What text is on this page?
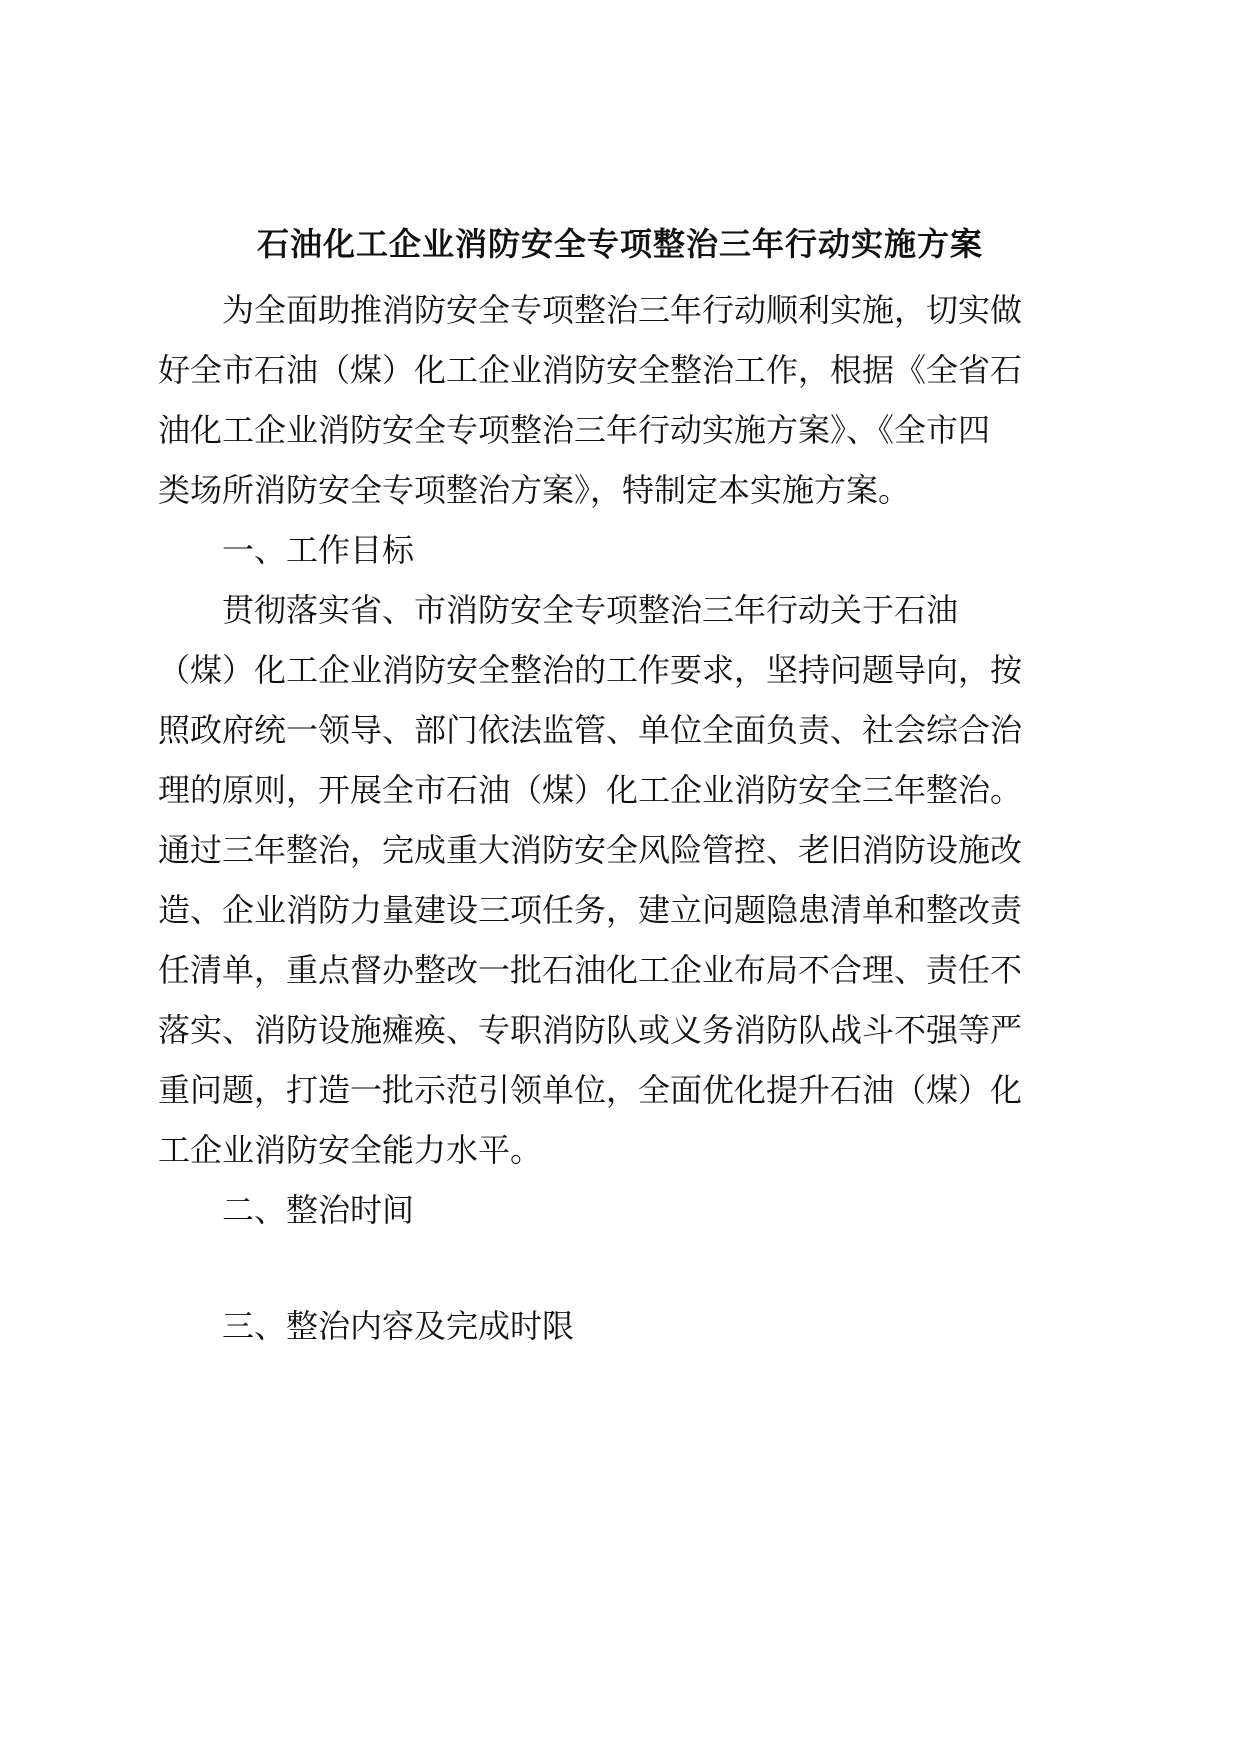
石油化工企业消防安全专项整治三年行动实施方案
为全面助推消防安全专项整治三年行动顺利实施，切实做
好全市石油（煤）化工企业消防安全整治工作，根据《全省石
油化工企业消防安全专项整治三年行动实施方案》、《全市四
类场所消防安全专项整治方案》，特制定本实施方案。
一、工作目标
贯彻落实省、市消防安全专项整治三年行动关于石油
（煤）化工企业消防安全整治的工作要求，坚持问题导向，按
照政府统一领导、部门依法监管、单位全面负责、社会综合治
理的原则，开展全市石油（煤）化工企业消防安全三年整治。
通过三年整治，完成重大消防安全风险管控、老旧消防设施改
造、企业消防力量建设三项任务，建立问题隐患清单和整改责
任清单，重点督办整改一批石油化工企业布局不合理、责任不
落实、消防设施瘫痪、专职消防队或义务消防队战斗不强等严
重问题，打造一批示范引领单位，全面优化提升石油（煤）化
工企业消防安全能力水平。
二、整治时间
三、整治内容及完成时限
